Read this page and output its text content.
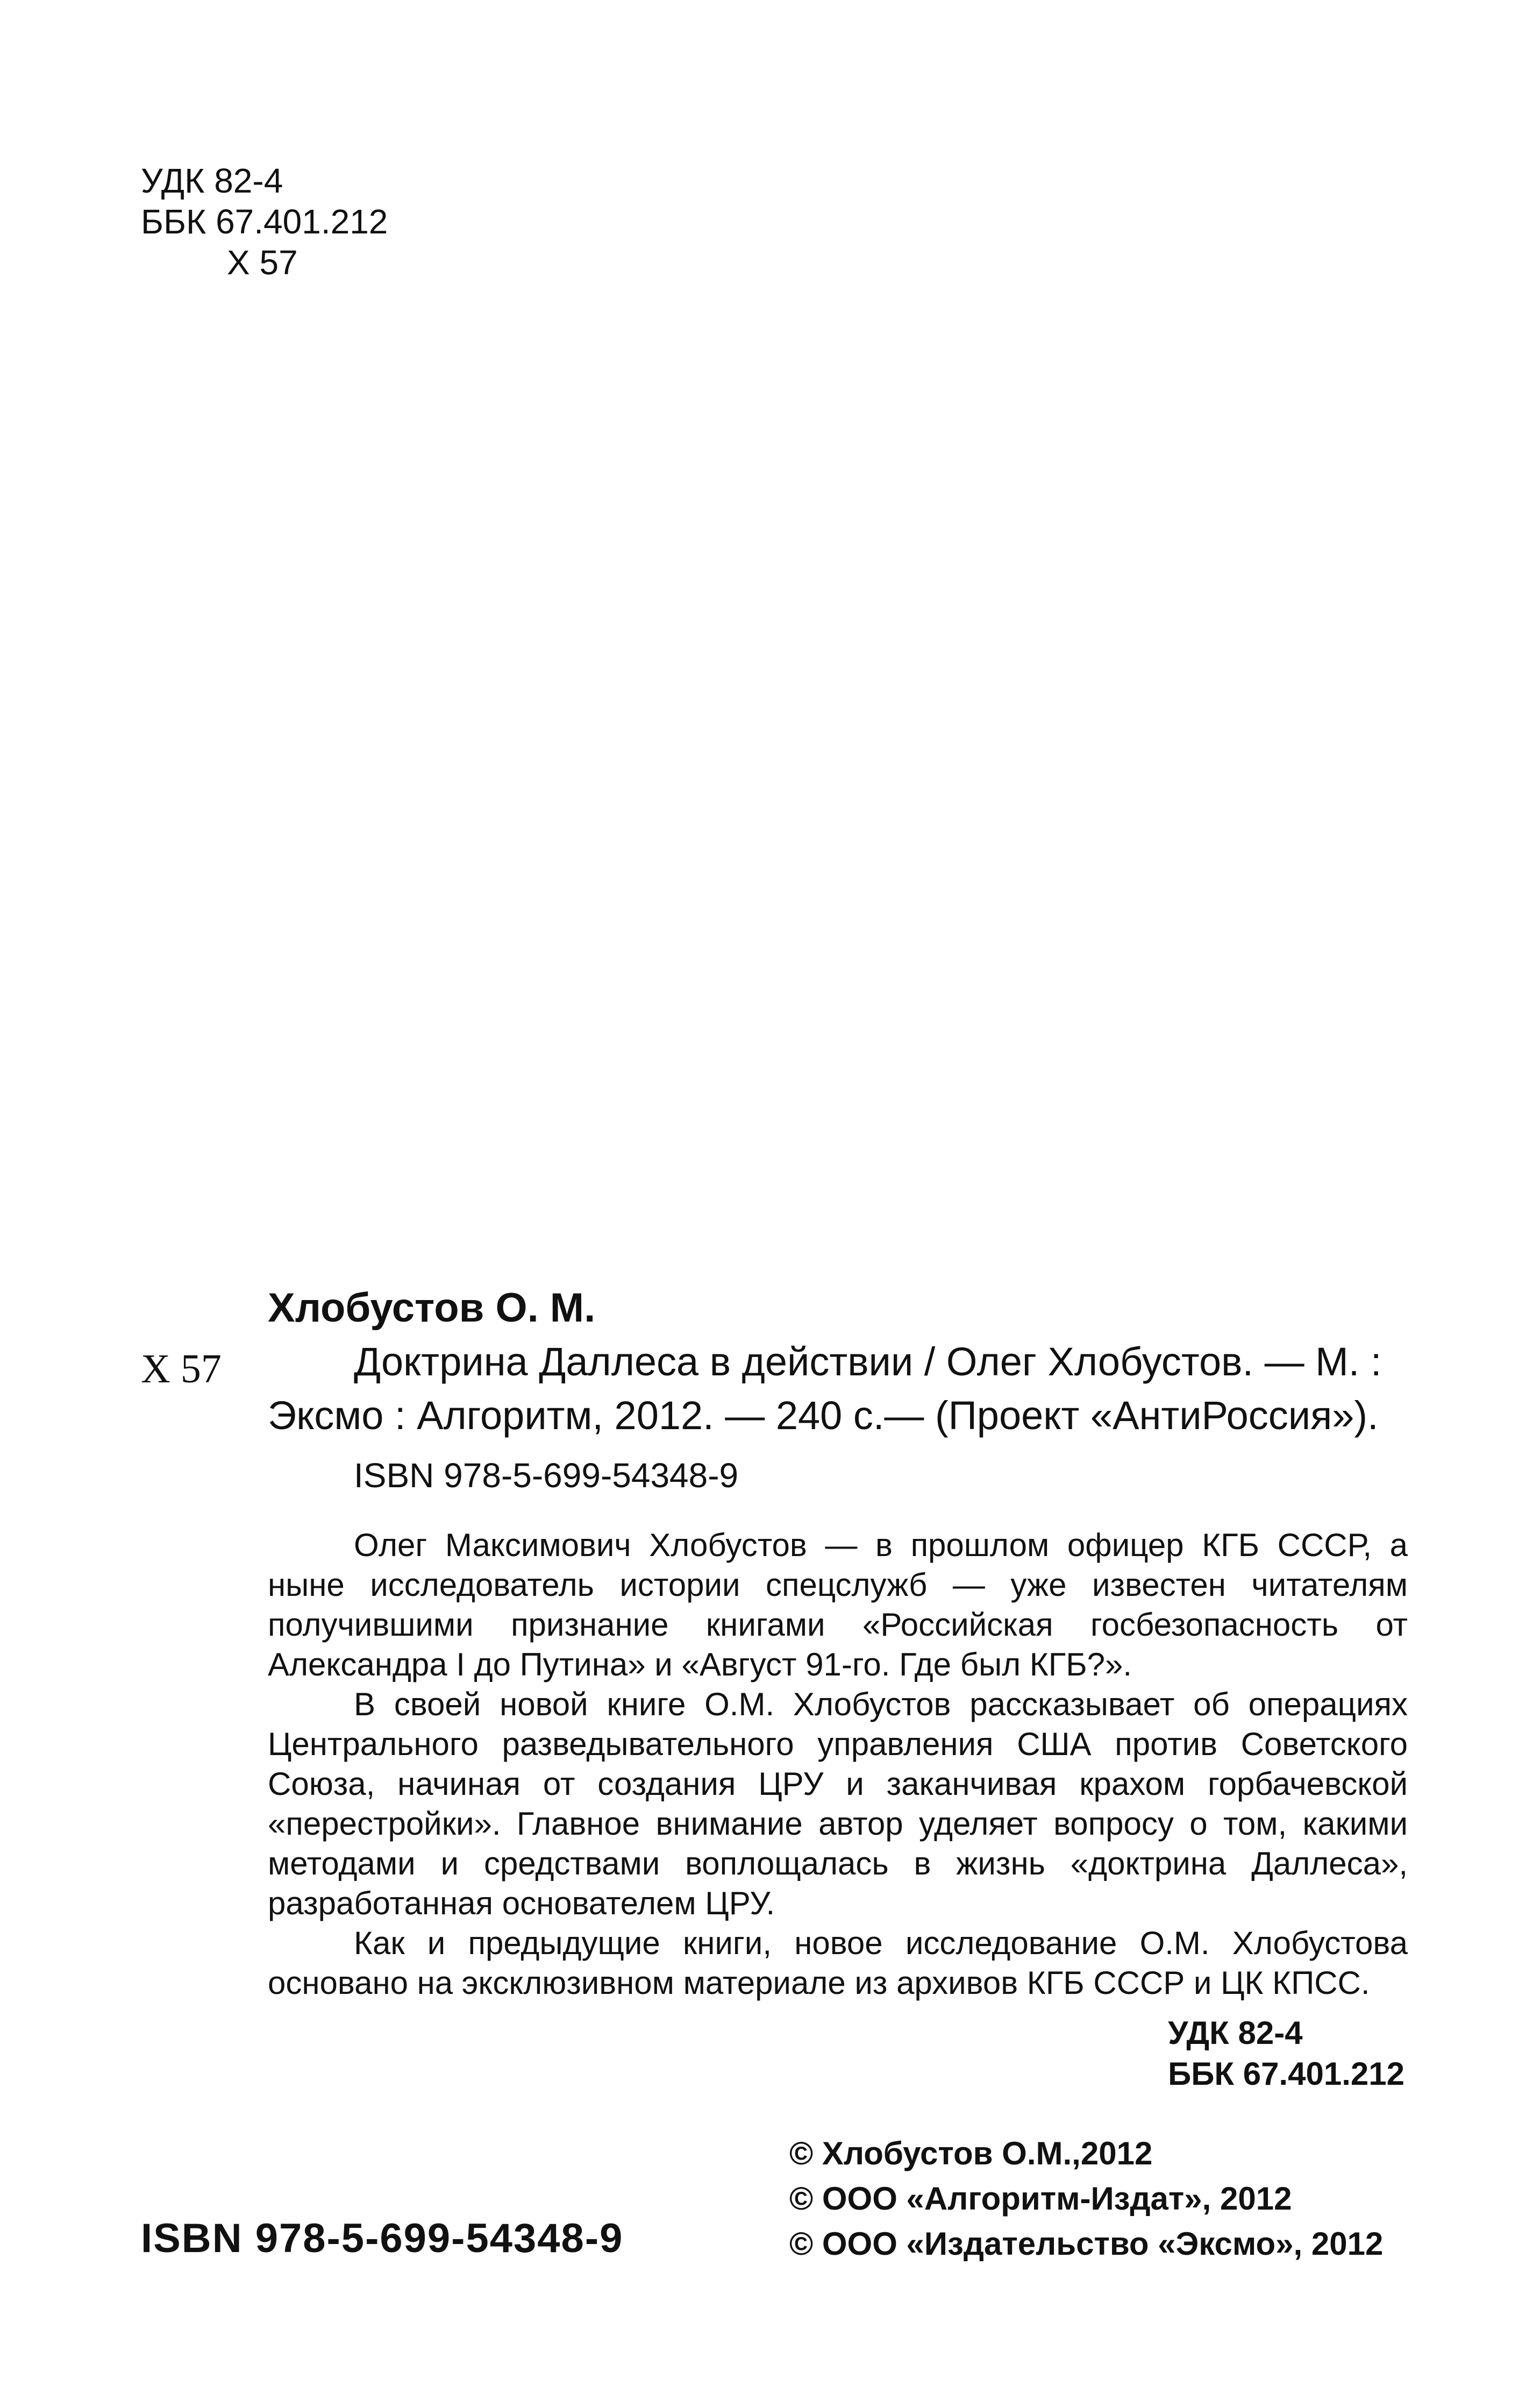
УДК 82-4
ББК 67.401.212
Х 57
Хлобустов О. М.
X 57	Доктрина Даллеса в действии / Олег Хлобустов. — М. :
Эксмо : Алгоритм, 2012. — 240 с.— (Проект «АнтиРоссия»).
ISBN 978-5-699-54348-9

Олег Максимович Хлобустов — в прошлом офицер КГБ СССР, а ныне исследователь истории спецслужб — уже известен читателям получившими признание книгами «Российская госбезопасность от Александра I до Путина» и «Август 91-го. Где был КГБ?».

В своей новой книге О.М. Хлобустов рассказывает об операциях Центрального разведывательного управления США против Советского Союза, начиная от создания ЦРУ и заканчивая крахом горбачевской «перестройки». Главное внимание автор уделяет вопросу о том, какими методами и средствами воплощалась в жизнь «доктрина Даллеса», разработанная основателем ЦРУ.

Как и предыдущие книги, новое исследование О.М. Хлобустова основано на эксклюзивном материале из архивов КГБ СССР и ЦК КПСС.

УДК 82-4
ББК 67.401.212
© Хлобустов О.М.,2012
© ООО «Алгоритм-Издат», 2012
© ООО «Издательство «Эксмо», 2012
ISBN 978-5-699-54348-9
